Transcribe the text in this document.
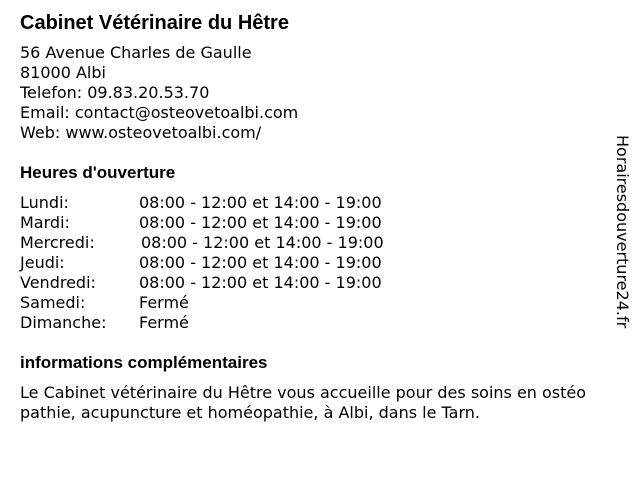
Cabinet Vétérinaire du Hêtre
56 Avenue Charles de Gaulle
81000 Albi
Telefon: 09.83.20.53.70
Email: contact@osteovetoalbi.com
Web: www.osteovetoalbi.com/
Heures d'ouverture
Lundi:	08:00 - 12:00 et 14:00 - 19:00
Mardi:	08:00 - 12:00 et 14:00 - 19:00
Mercredi:	08:00 - 12:00 et 14:00 - 19:00
Jeudi:	08:00 - 12:00 et 14:00 - 19:00
Vendredi:	08:00 - 12:00 et 14:00 - 19:00
Samedi:	Fermé
Dimanche: Fermé
informations complémentaires
Le Cabinet vétérinaire du Hêtre vous accueille pour des soins en ostéo
pathie, acupuncture et homéopathie, à Albi, dans le Tarn.
Horairesdouverture24.fr
